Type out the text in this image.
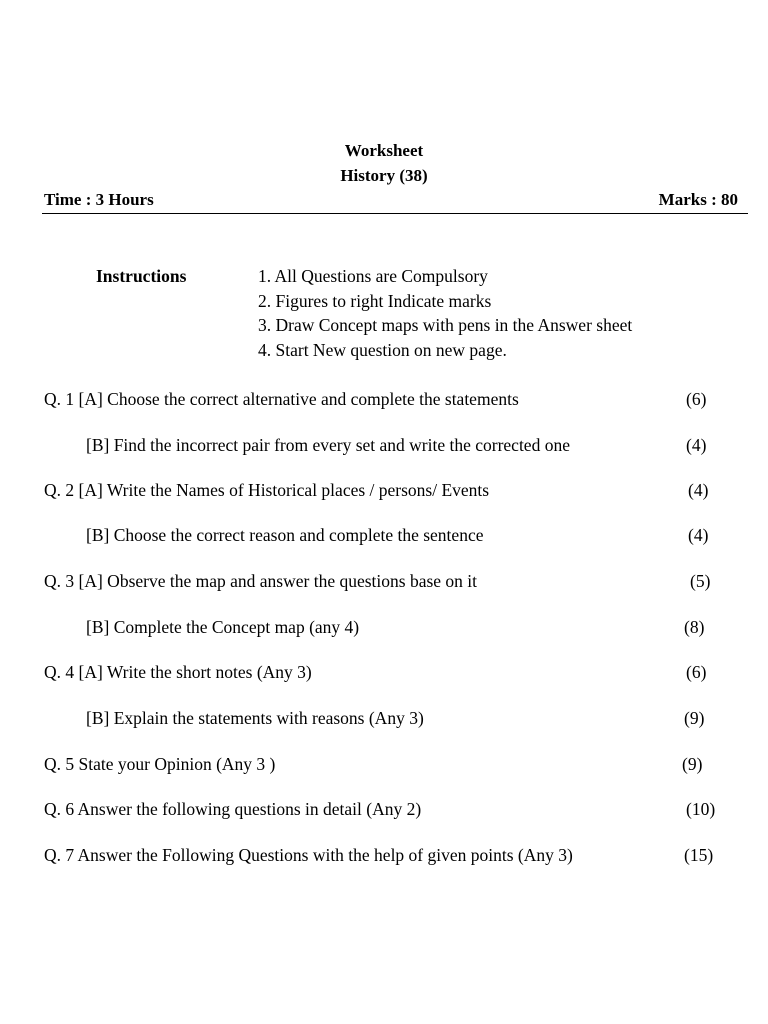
Worksheet
History (38)
Time : 3 Hours	Marks : 80
Instructions	1. All Questions are Compulsory
2. Figures to right Indicate marks
3. Draw Concept maps with pens in the Answer sheet
4. Start New question on new page.
Q. 1 [A] Choose the correct alternative and complete the statements	(6)
[B] Find the incorrect pair from every set and write the corrected one	(4)
Q. 2 [A] Write the Names of Historical places / persons/ Events	(4)
[B] Choose the correct reason and complete the sentence	(4)
Q. 3 [A] Observe the map and answer the questions base on it	(5)
[B] Complete the Concept map (any 4)	(8)
Q. 4 [A] Write the short notes (Any 3)	(6)
[B] Explain the statements with reasons (Any 3)	(9)
Q. 5 State your Opinion (Any 3 )	(9)
Q. 6 Answer the following questions in detail (Any 2)	(10)
Q. 7 Answer the Following Questions with the help of given points (Any 3)	(15)
